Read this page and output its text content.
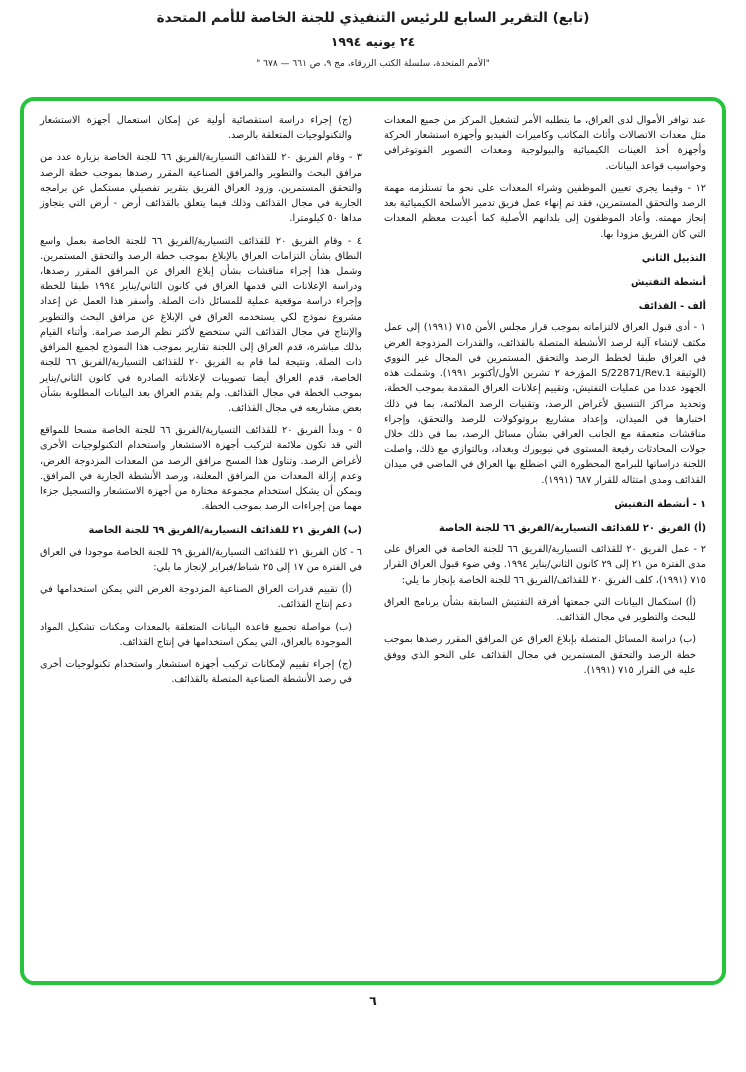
(تابع) التقرير السابع للرئيس التنفيذي للجنة الخاصة للأمم المتحدة
٢٤ يونيه ١٩٩٤
"الأمم المتحدة، سلسلة الكتب الزرقاء، مج ٩، ص ٦٦١ — ٦٧٨ "
عند توافر الأموال لدى العراق، ما يتطلبه الأمر لتشغيل المركز من جميع المعدات مثل معدات الاتصالات وأثاث المكاتب وكاميرات الفيديو وأجهزة استشعار الحركة وأجهزة أخذ العينات الكيميائية والبيولوجية ومعدات التصوير الفوتوغرافي وحواسيب قواعد البيانات.
١٢ - وفيما يجري تعيين الموظفين وشراء المعدات على نحو ما تستلزمه مهمة الرصد والتحقق المستمرين، فقد تم إنهاء عمل فريق تدمير الأسلحة الكيميائية بعد إنجاز مهمته. وأعاد الموظفون إلى بلدانهم الأصلية كما أعيدت معظم المعدات التي كان الفريق مزودا بها.
التذييل الثاني
أنشطة التفتيش
ألف - القذائف
١ - أدى قبول العراق لالتزاماته بموجب قرار مجلس الأمن ٧١٥ (١٩٩١) إلى عمل مكثف لإنشاء آلية لرصد الأنشطة المتصلة بالقذائف، والقدرات المزدوجة الغرض في العراق طبقا لخطط الرصد والتحقق المستمرين في المجال غير النووي (الوثيقة S/22871/Rev.1 المؤرخة ٢ تشرين الأول/أكتوبر ١٩٩١). وشملت هذه الجهود عددا من عمليات التفتيش، وتقييم إعلانات العراق المقدمة بموجب الخطة، وتحديد مراكز التنسيق لأغراض الرصد، وتقنيات الرصد الملائمة، بما في ذلك اختبارها في الميدان، وإعداد مشاريع بروتوكولات للرصد والتحقق، وإجراء مناقشات متعمقة مع الجانب العراقي بشأن مسائل الرصد، بما في ذلك خلال جولات المحادثات رفيعة المستوى في نيويورك وبغداد، وبالتوازي مع ذلك، واصلت اللجنة دراساتها للبرامج المحظورة التي اضطلع بها العراق في الماضي في ميدان القذائف ومدى امتثاله للقرار ٦٨٧ (١٩٩١).
١ - أنشطة التفتيش
(أ) الفريق ٢٠ للقذائف التسيارية/الفريق ٦٦ للجنة الخاصة
٢ - عمل الفريق ٢٠ للقذائف التسيارية/الفريق ٦٦ للجنة الخاصة في العراق على مدى الفترة من ٢١ إلى ٢٩ كانون الثاني/يناير ١٩٩٤. وفي ضوء قبول العراق القرار ٧١٥ (١٩٩١)، كلف الفريق ٢٠ للقذائف/الفريق ٦٦ للجنة الخاصة بإنجاز ما يلي:
(أ) استكمال البيانات التي جمعتها أفرقة التفتيش السابقة بشأن برنامج العراق للبحث والتطوير في مجال القذائف.
(ب) دراسة المسائل المتصلة بإبلاغ العراق عن المرافق المقرر رصدها بموجب خطة الرصد والتحقق المستمرين في مجال القذائف على النحو الذي ووفق عليه في القرار ٧١٥ (١٩٩١).
(ج) إجراء دراسة استقصائية أولية عن إمكان استعمال أجهزة الاستشعار والتكنولوجيات المتعلقة بالرصد.
٣ - وقام الفريق ٢٠ للقذائف التسيارية/الفريق ٦٦ للجنة الخاصة بزيارة عدد من مرافق البحث والتطوير والمرافق الصناعية المقرر رصدها بموجب خطة الرصد والتحقق المستمرين. وزود العراق الفريق بتقرير تفصيلي مستكمل عن برامجه الجارية في مجال القذائف وذلك فيما يتعلق بالقذائف أرض - أرض التي يتجاوز مداها ٥٠ كيلومترا.
٤ - وقام الفريق ٢٠ للقذائف التسيارية/الفريق ٦٦ للجنة الخاصة بعمل واسع النطاق بشأن التزامات العراق بالإبلاغ بموجب خطة الرصد والتحقق المستمرين. وشمل هذا إجراء مناقشات بشأن إبلاغ العراق عن المرافق المقرر رصدها، ودراسة الإعلانات التي قدمها العراق في كانون الثاني/يناير ١٩٩٤ طبقا للخطة وإجراء دراسة موقعية عملية للمسائل ذات الصلة. وأسفر هذا العمل عن إعداد مشروع نموذج لكي يستخدمه العراق في الإبلاغ عن مرافق البحث والتطوير والإنتاج في مجال القذائف التي ستخضع لأكثر نظم الرصد صرامة. وأثناء القيام بذلك مباشرة، قدم العراق إلى اللجنة تقارير بموجب هذا النموذج لجميع المرافق ذات الصلة. ونتيجة لما قام به الفريق ٢٠ للقذائف التسيارية/الفريق ٦٦ للجنة الخاصة، قدم العراق أيضا تصويبات لإعلاناته الصادرة في كانون الثاني/يناير بموجب الخطة في مجال القذائف. ولم يقدم العراق بعد البيانات المطلوبة بشأن بعض مشاريعه في مجال القذائف.
٥ - وبدأ الفريق ٢٠ للقذائف التسيارية/الفريق ٦٦ للجنة الخاصة مسحا للمواقع التي قد تكون ملائمة لتركيب أجهزة الاستشعار واستخدام التكنولوجيات الأخرى لأغراض الرصد. وتناول هذا المسح مرافق الرصد من المعدات المزدوجة الغرض، وعدم إزالة المعدات من المرافق المعلنة، ورصد الأنشطة الجارية في المرافق. ويمكن أن يشكل استخدام مجموعة مختارة من أجهزة الاستشعار والتسجيل جزءا مهما من إجراءات الرصد بموجب الخطة.
(ب) الفريق ٢١ للقذائف التسيارية/الفريق ٦٩ للجنة الخاصة
٦ - كان الفريق ٢١ للقذائف التسيارية/الفريق ٦٩ للجنة الخاصة موجودا في العراق في الفترة من ١٧ إلى ٢٥ شباط/فبراير لإنجاز ما يلي:
(أ) تقييم قدرات العراق الصناعية المزدوجة الغرض التي يمكن استخدامها في دعم إنتاج القذائف.
(ب) مواصلة تجميع قاعدة البيانات المتعلقة بالمعدات ومكنات تشكيل المواد الموجودة بالعراق، التي يمكن استخدامها في إنتاج القذائف.
(ج) إجراء تقييم لإمكانات تركيب أجهزة استشعار واستخدام تكنولوجيات أخرى في رصد الأنشطة الصناعية المتصلة بالقذائف.
٦
